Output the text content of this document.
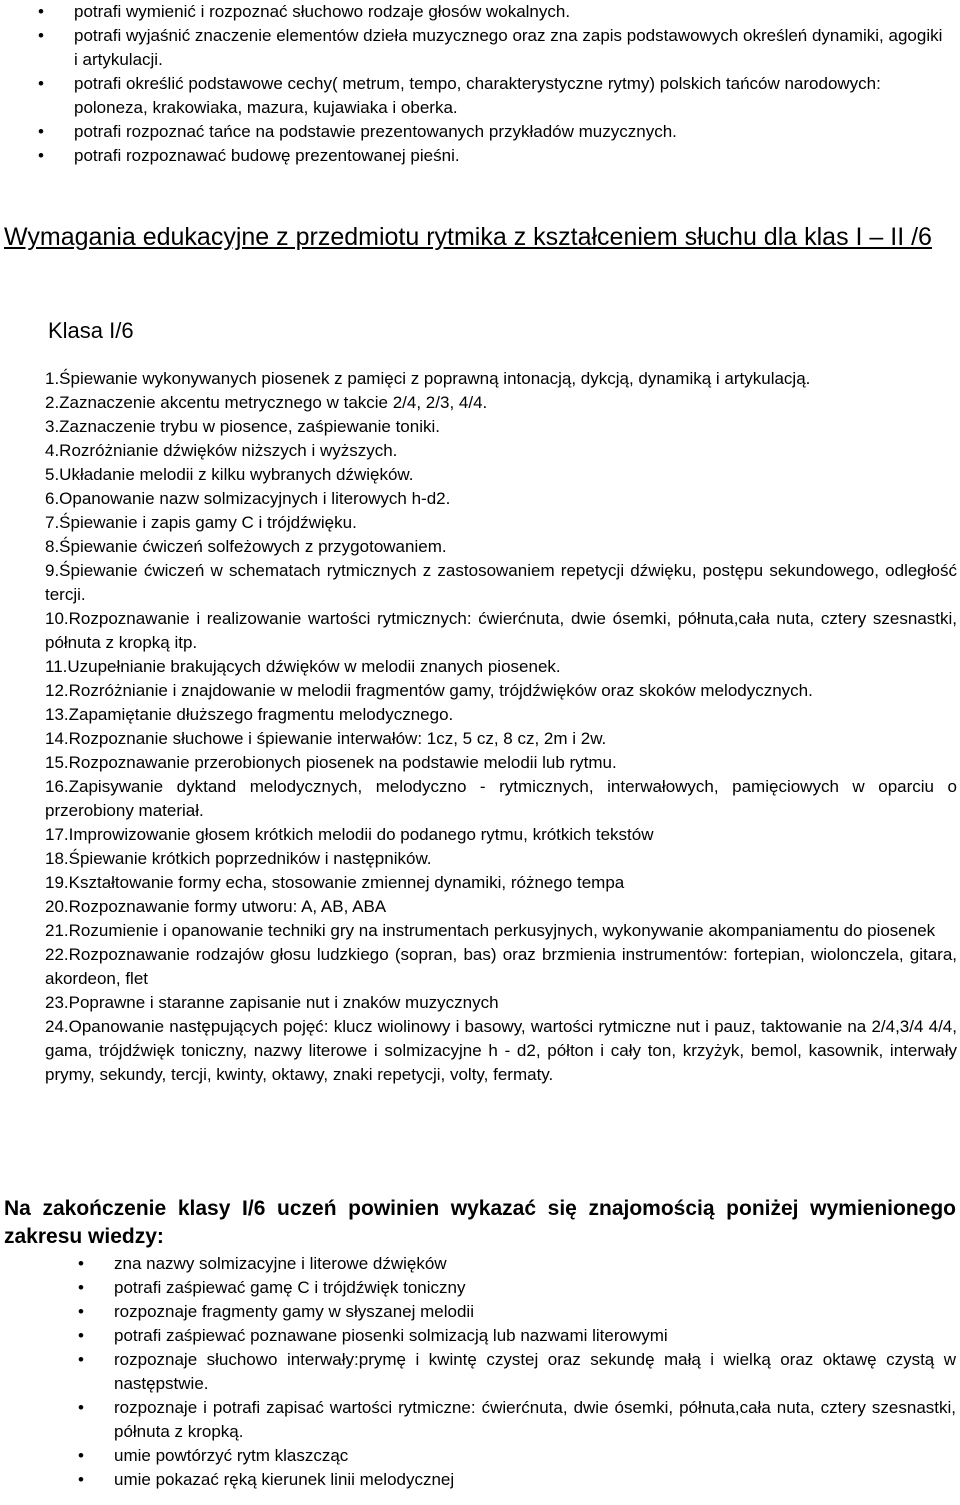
• potrafi wymienić i rozpoznać słuchowo rodzaje głosów wokalnych.
• potrafi wyjaśnić znaczenie elementów dzieła muzycznego oraz zna zapis podstawowych określeń dynamiki, agogiki i artykulacji.
• potrafi określić podstawowe cechy( metrum, tempo, charakterystyczne rytmy) polskich tańców narodowych: poloneza, krakowiaka, mazura, kujawiaka i oberka.
• potrafi rozpoznać tańce na podstawie prezentowanych przykładów muzycznych.
• potrafi rozpoznawać budowę prezentowanej pieśni.
Wymagania edukacyjne z przedmiotu rytmika z kształceniem słuchu dla klas I – II /6
Klasa I/6
1.Śpiewanie wykonywanych piosenek z pamięci z poprawną intonacją, dykcją, dynamiką i artykulacją.
2.Zaznaczenie akcentu metrycznego w takcie 2/4, 2/3, 4/4.
3.Zaznaczenie trybu w piosence, zaśpiewanie toniki.
4.Rozróżnianie dźwięków niższych i wyższych.
5.Układanie melodii z kilku wybranych dźwięków.
6.Opanowanie nazw solmizacyjnych i literowych h-d2.
7.Śpiewanie i zapis gamy C i trójdźwięku.
8.Śpiewanie ćwiczeń solfeżowych z przygotowaniem.
9.Śpiewanie ćwiczeń w schematach rytmicznych z zastosowaniem repetycji dźwięku, postępu sekundowego, odległość tercji.
10.Rozpoznawanie i realizowanie wartości rytmicznych: ćwierćnuta, dwie ósemki, półnuta,cała nuta, cztery szesnastki, półnuta z kropką itp.
11.Uzupełnianie brakujących dźwięków w melodii znanych piosenek.
12.Rozróżnianie i znajdowanie w melodii fragmentów gamy, trójdźwięków oraz skoków melodycznych.
13.Zapamiętanie dłuższego fragmentu melodycznego.
14.Rozpoznanie słuchowe i śpiewanie interwałów: 1cz, 5 cz, 8 cz, 2m i 2w.
15.Rozpoznawanie przerobionych piosenek na podstawie melodii lub rytmu.
16.Zapisywanie dyktand melodycznych, melodyczno - rytmicznych, interwałowych, pamięciowych w oparciu o przerobiony materiał.
17.Improwizowanie głosem krótkich melodii do podanego rytmu, krótkich tekstów
18.Śpiewanie krótkich poprzedników i następników.
19.Kształtowanie formy echa, stosowanie zmiennej dynamiki, różnego tempa
20.Rozpoznawanie formy utworu: A, AB, ABA
21.Rozumienie i opanowanie techniki gry na instrumentach perkusyjnych, wykonywanie akompaniamentu do piosenek
22.Rozpoznawanie rodzajów głosu ludzkiego (sopran, bas) oraz brzmienia instrumentów: fortepian, wiolonczela, gitara, akordeon, flet
23.Poprawne i staranne zapisanie nut i znaków muzycznych
24.Opanowanie następujących pojęć: klucz wiolinowy i basowy, wartości rytmiczne nut i pauz, taktowanie na 2/4,3/4 4/4, gama, trójdźwięk toniczny, nazwy literowe i solmizacyjne h - d2, półton i cały ton, krzyżyk, bemol, kasownik, interwały prymy, sekundy, tercji, kwinty, oktawy, znaki repetycji, volty, fermaty.

Na zakończenie klasy I/6 uczeń powinien wykazać się znajomością poniżej wymienionego zakresu wiedzy:

• zna nazwy solmizacyjne i literowe dźwięków
• potrafi zaśpiewać gamę C i trójdźwięk toniczny
• rozpoznaje fragmenty gamy w słyszanej melodii
• potrafi zaśpiewać poznawane piosenki solmizacją lub nazwami literowymi
• rozpoznaje słuchowo interwały:prymę i kwintę czystej oraz sekundę małą i wielką oraz oktawę czystą w następstwie.
• rozpoznaje i potrafi zapisać wartości rytmiczne: ćwierćnuta, dwie ósemki, półnuta,cała nuta, cztery szesnastki, półnuta z kropką.
• umie powtórzyć rytm klaszcząc
• umie pokazać ręką kierunek linii melodycznej
